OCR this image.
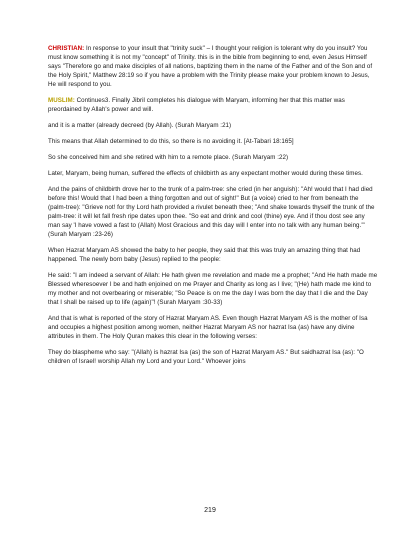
CHRISTIAN: In response to your insult that "trinity suck" – I thought your religion is tolerant why do you insult? You must know something it is not my "concept" of Trinity. this is in the bible from beginning to end, even Jesus Himself says "Therefore go and make disciples of all nations, baptizing them in the name of the Father and of the Son and of the Holy Spirit," Matthew 28:19 so if you have a problem with the Trinity please make your problem known to Jesus, He will respond to you.

MUSLIM: Continues3. Finally Jibril completes his dialogue with Maryam, informing her that this matter was preordained by Allah's power and will.

and it is a matter (already decreed (by Allah). (Surah Maryam :21)

This means that Allah determined to do this, so there is no avoiding it. [At-Tabari 18:165]

So she conceived him and she retired with him to a remote place. (Surah Maryam :22)

Later, Maryam, being human, suffered the effects of childbirth as any expectant mother would during these times.

And the pains of childbirth drove her to the trunk of a palm-tree: she cried (in her anguish): "Ah! would that I had died before this! Would that I had been a thing forgotten and out of sight!" But (a voice) cried to her from beneath the (palm-tree): "Grieve not! for thy Lord hath provided a rivulet beneath thee; "And shake towards thyself the trunk of the palm-tree: it will let fall fresh ripe dates upon thee. "So eat and drink and cool (thine) eye. And if thou dost see any man say 'I have vowed a fast to (Allah) Most Gracious and this day will I enter into no talk with any human being.'" (Surah Maryam :23-26)

When Hazrat Maryam AS showed the baby to her people, they said that this was truly an amazing thing that had happened. The newly born baby (Jesus) replied to the people:

He said: "I am indeed a servant of Allah: He hath given me revelation and made me a prophet; "And He hath made me Blessed wheresoever I be and hath enjoined on me Prayer and Charity as long as I live; "(He) hath made me kind to my mother and not overbearing or miserable; "So Peace is on me the day I was born the day that I die and the Day that I shall be raised up to life (again)"! (Surah Maryam :30-33)

And that is what is reported of the story of Hazrat Maryam AS. Even though Hazrat Maryam AS is the mother of Isa and occupies a highest position among women, neither Hazrat Maryam AS nor hazrat Isa (as) have any divine attributes in them. The Holy Quran makes this clear in the following verses:

They do blaspheme who say: "(Allah) is hazrat Isa (as) the son of Hazrat Maryam AS." But saidhazrat Isa (as): "O children of Israel! worship Allah my Lord and your Lord." Whoever joins

219
